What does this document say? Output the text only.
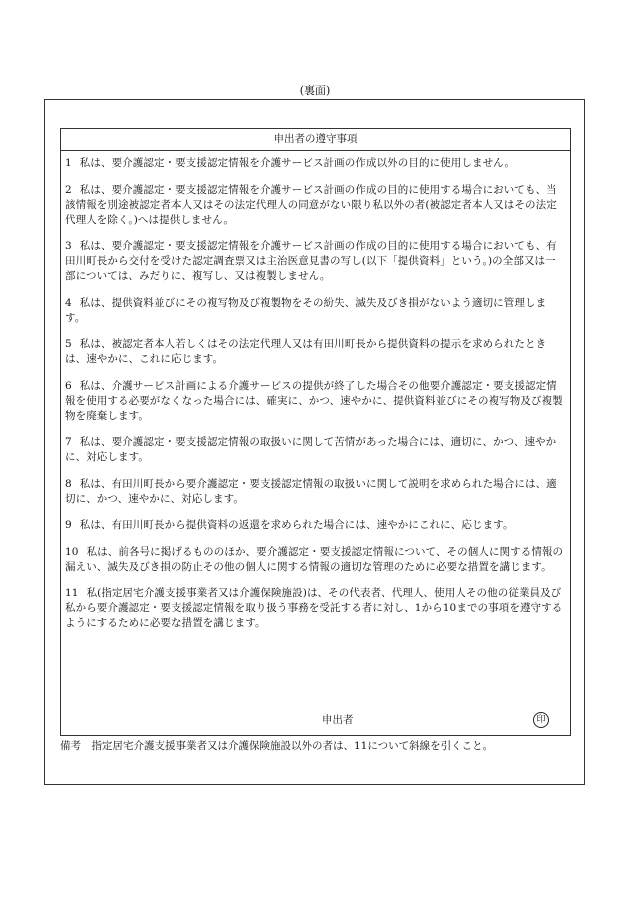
(裏面)
申出者の遵守事項
1 私は、要介護認定・要支援認定情報を介護サービス計画の作成以外の目的に使用しません。
2 私は、要介護認定・要支援認定情報を介護サービス計画の作成の目的に使用する場合においても、当該情報を別途被認定者本人又はその法定代理人の同意がない限り私以外の者(被認定者本人又はその法定代理人を除く。)へは提供しません。
3 私は、要介護認定・要支援認定情報を介護サービス計画の作成の目的に使用する場合においても、有田川町長から交付を受けた認定調査票又は主治医意見書の写し(以下「提供資料」という。)の全部又は一部については、みだりに、複写し、又は複製しません。
4 私は、提供資料並びにその複写物及び複製物をその紛失、滅失及びき損がないよう適切に管理します。
5 私は、被認定者本人若しくはその法定代理人又は有田川町長から提供資料の提示を求められたときは、速やかに、これに応じます。
6 私は、介護サービス計画による介護サービスの提供が終了した場合その他要介護認定・要支援認定情報を使用する必要がなくなった場合には、確実に、かつ、速やかに、提供資料並びにその複写物及び複製物を廃棄します。
7 私は、要介護認定・要支援認定情報の取扱いに関して苦情があった場合には、適切に、かつ、速やかに、対応します。
8 私は、有田川町長から要介護認定・要支援認定情報の取扱いに関して説明を求められた場合には、適切に、かつ、速やかに、対応します。
9 私は、有田川町長から提供資料の返還を求められた場合には、速やかにこれに、応じます。
10 私は、前各号に掲げるもののほか、要介護認定・要支援認定情報について、その個人に関する情報の漏えい、滅失及びき損の防止その他の個人に関する情報の適切な管理のために必要な措置を講じます。
11 私(指定居宅介護支援事業者又は介護保険施設)は、その代表者、代理人、使用人その他の従業員及び私から要介護認定・要支援認定情報を取り扱う事務を受託する者に対し、1から10までの事項を遵守するようにするために必要な措置を講じます。
申出者	印
備考　指定居宅介護支援事業者又は介護保険施設以外の者は、11について斜線を引くこと。
